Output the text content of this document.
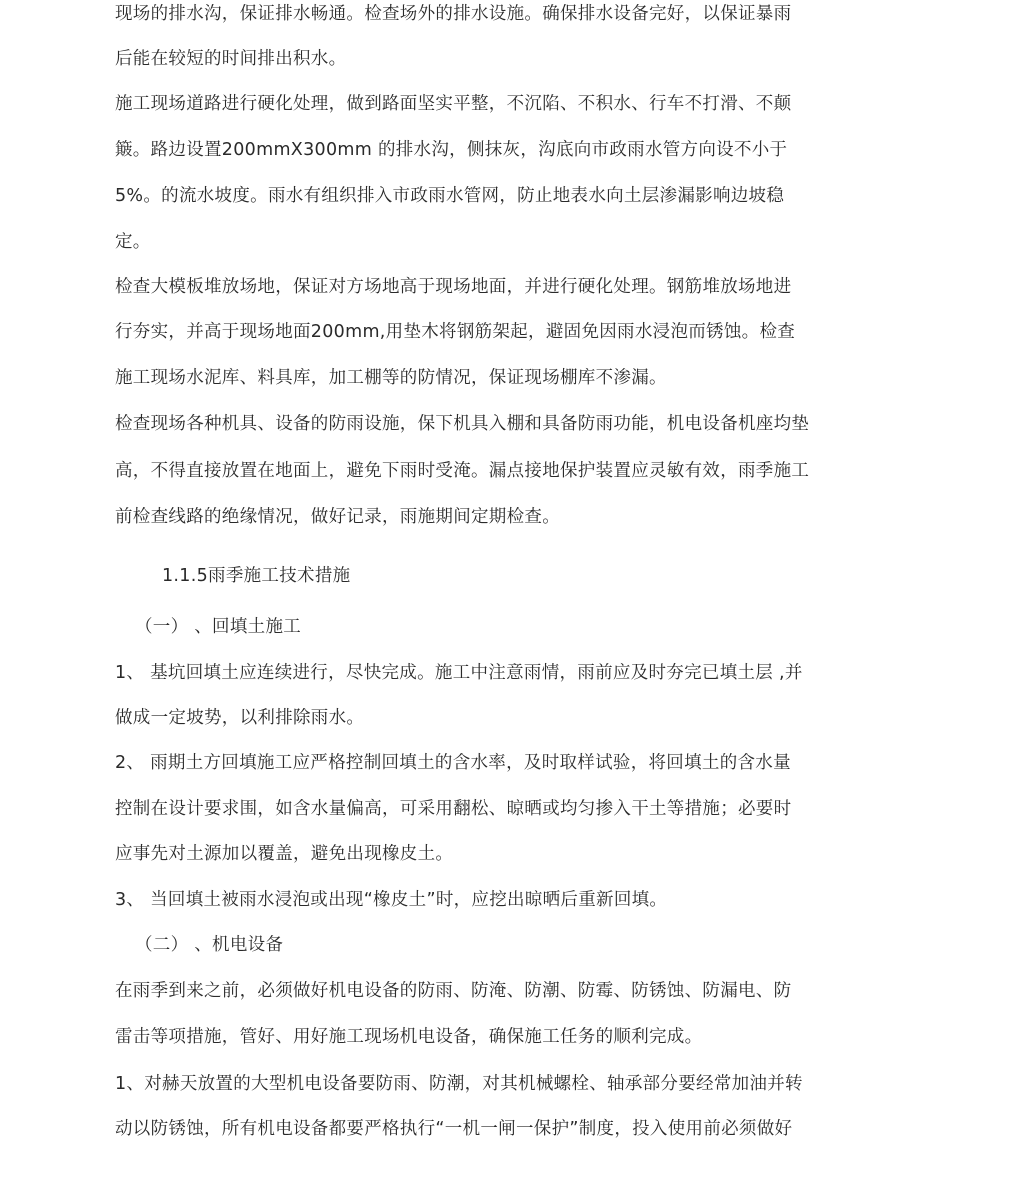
现场的排水沟，保证排水畅通。检查场外的排水设施。确保排水设备完好，以保证暴雨
后能在较短的时间排出积水。
施工现场道路进行硬化处理，做到路面坚实平整，不沉陷、不积水、行车不打滑、不颠
簸。路边设置200mmX300mm 的排水沟，侧抹灰，沟底向市政雨水管方向设不小于
5%。的流水坡度。雨水有组织排入市政雨水管网，防止地表水向土层渗漏影响边坡稳
定。
检查大模板堆放场地，保证对方场地高于现场地面，并进行硬化处理。钢筋堆放场地进
行夯实，并高于现场地面200mm,用垫木将钢筋架起，避固免因雨水浸泡而锈蚀。检查
施工现场水泥库、料具库，加工棚等的防情况，保证现场棚库不渗漏。
检查现场各种机具、设备的防雨设施，保下机具入棚和具备防雨功能，机电设备机座均垫
高，不得直接放置在地面上，避免下雨时受淹。漏点接地保护装置应灵敏有效，雨季施工
前检查线路的绝缘情况，做好记录，雨施期间定期检查。
1.1.5雨季施工技术措施
（一） 、回填土施工
1、 基坑回填土应连续进行，尽快完成。施工中注意雨情，雨前应及时夯完已填土层 ,并
做成一定坡势，以利排除雨水。
2、 雨期土方回填施工应严格控制回填土的含水率，及时取样试验，将回填土的含水量
控制在设计要求围，如含水量偏高，可采用翻松、晾晒或均匀掺入干土等措施；必要时
应事先对土源加以覆盖，避免出现橡皮土。
3、 当回填土被雨水浸泡或出现“橡皮土”时，应挖出晾晒后重新回填。
（二） 、机电设备
在雨季到来之前，必须做好机电设备的防雨、防淹、防潮、防霉、防锈蚀、防漏电、防
雷击等项措施，管好、用好施工现场机电设备，确保施工任务的顺利完成。
1、对赫天放置的大型机电设备要防雨、防潮，对其机械螺栓、轴承部分要经常加油并转
动以防锈蚀，所有机电设备都要严格执行“一机一闸一保护”制度，投入使用前必须做好
